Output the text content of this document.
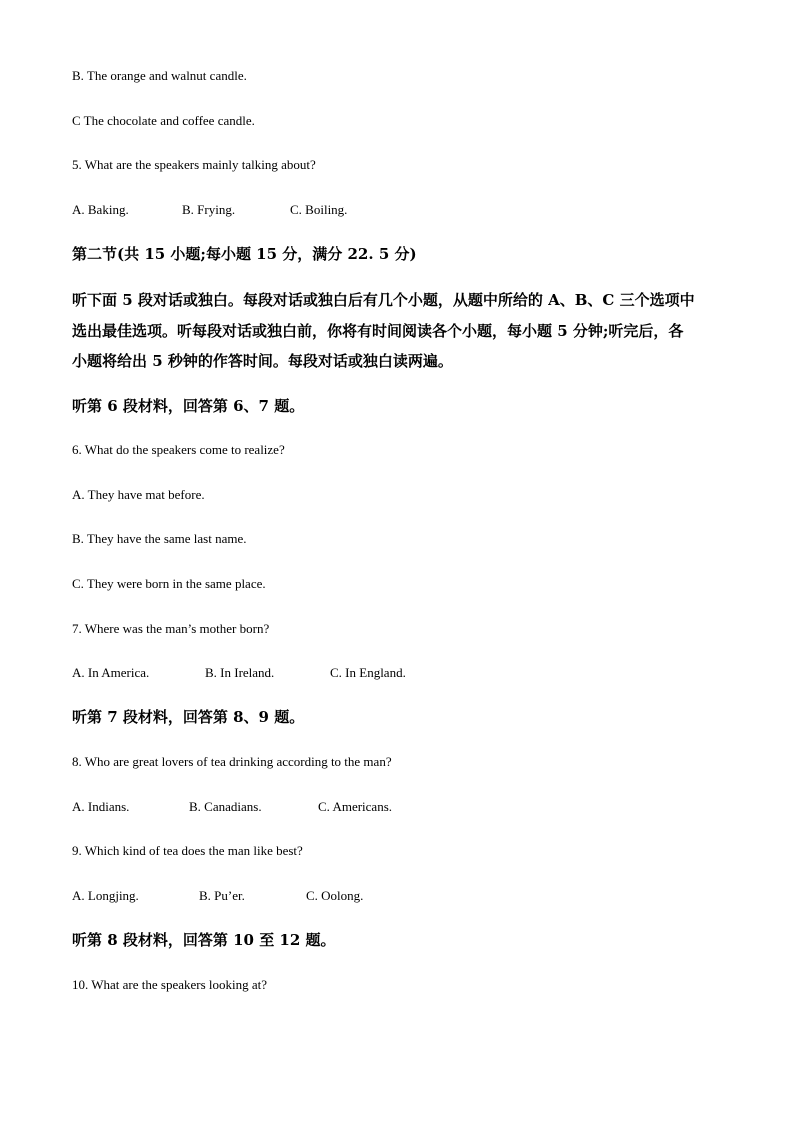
B. The orange and walnut candle.
C The chocolate and coffee candle.
5. What are the speakers mainly talking about?
A. Baking.	B. Frying.	C. Boiling.
第二节(共 15 小题;每小题 15 分，满分 22. 5 分)
听下面 5 段对话或独白。每段对话或独白后有几个小题，从题中所给的 A、B、C 三个选项中
选出最佳选项。听每段对话或独白前，你将有时间阅读各个小题，每小题 5 分钟;听完后，各
小题将给出 5 秒钟的作答时间。每段对话或独白读两遍。
听第 6 段材料，回答第 6、7 题。
6. What do the speakers come to realize?
A. They have mat before.
B. They have the same last name.
C. They were born in the same place.
7. Where was the man’s mother born?
A. In America.	B. In Ireland.	C. In England.
听第 7 段材料，回答第 8、9 题。
8. Who are great lovers of tea drinking according to the man?
A. Indians.	B. Canadians.	C. Americans.
9. Which kind of tea does the man like best?
A. Longjing.	B. Pu’er.	C. Oolong.
听第 8 段材料，回答第 10 至 12 题。
10. What are the speakers looking at?
